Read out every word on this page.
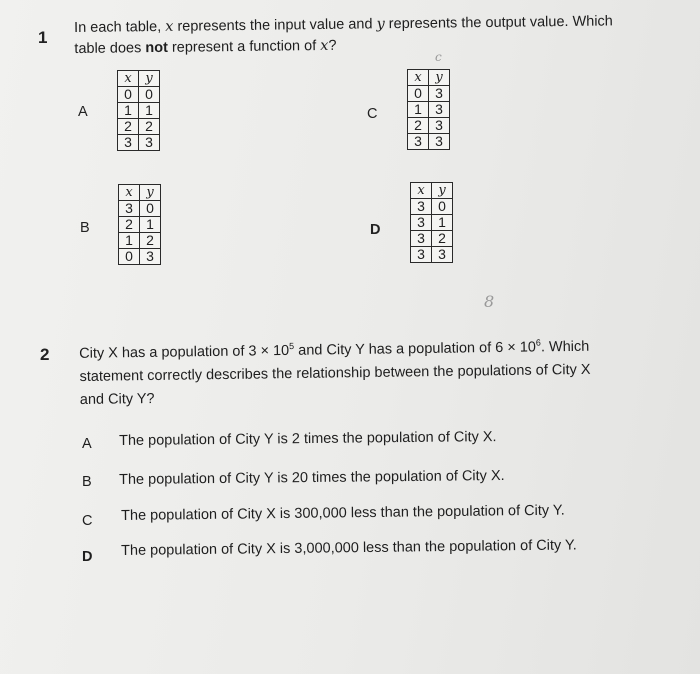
1
In each table, x represents the input value and y represents the output value. Which
table does not represent a function of x?
c
A
x	y
0	0
1	1
2	2
3	3
C
x	y
0	3
1	3
2	3
3	3
B
x	y
3	0
2	1
1	2
0	3
D
x	y
3	0
3	1
3	2
3	3
8
2 City X has a population of $3 \times 10^5$ and City Y has a population of $6 \times 10^6$. Which
statement correctly describes the relationship between the populations of City X
and City Y?
A The population of City Y is 2 times the population of City X.
B The population of City Y is 20 times the population of City X.
C The population of City X is 300,000 less than the population of City Y.
D The population of City X is 3,000,000 less than the population of City Y.
